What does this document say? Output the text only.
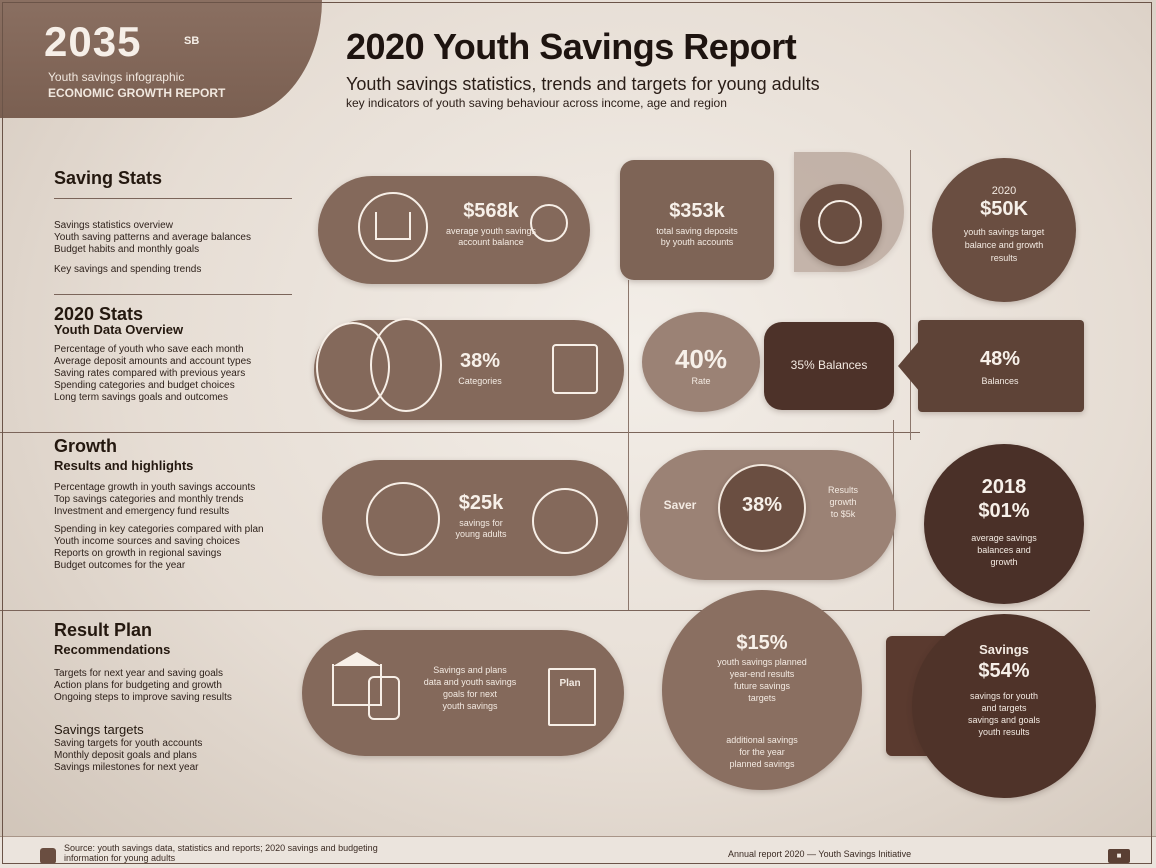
2035	SB
Youth savings infographic
ECONOMIC GROWTH REPORT
2020 Youth Savings Report
Youth savings statistics, trends and targets for young adults
key indicators of youth saving behaviour across income, age and region
Saving Stats
Savings statistics overview
Youth saving patterns and average balances
Budget habits and monthly goals
Key savings and spending trends
2020 Stats
Youth Data Overview
Percentage of youth who save each month
Average deposit amounts and account types
Saving rates compared with previous years
Spending categories and budget choices
Long term savings goals and outcomes
Growth
Results and highlights
Percentage growth in youth savings accounts
Top savings categories and monthly trends
Investment and emergency fund results
Spending in key categories compared with plan
Youth income sources and saving choices
Reports on growth in regional savings
Budget outcomes for the year
Result Plan
Recommendations
Targets for next year and saving goals
Action plans for budgeting and growth
Ongoing steps to improve saving results
Savings targets
Saving targets for youth accounts
Monthly deposit goals and plans
Savings milestones for next year
$568k
average youth savings
account balance
$353k
total saving deposits
by youth accounts
2020
$50K
youth savings target
balance and growth
results
38%
Categories
40%
Rate
35% Balances	48%
Balances
$25k
savings for
young adults
Saver	38%
Results
growth
to $5k
2018
$01%
average savings
balances and
growth
Savings and plans
data and youth savings
goals for next
youth savings
Plan
$15%
youth savings planned
year-end results
future savings
targets
additional savings
for the year
planned savings
Savings
$54%
savings for youth
and targets
savings and goals
youth results
Source: youth savings data, statistics and reports; 2020 savings and budgeting information for young adults	Annual report 2020 — Youth Savings Initiative	■
